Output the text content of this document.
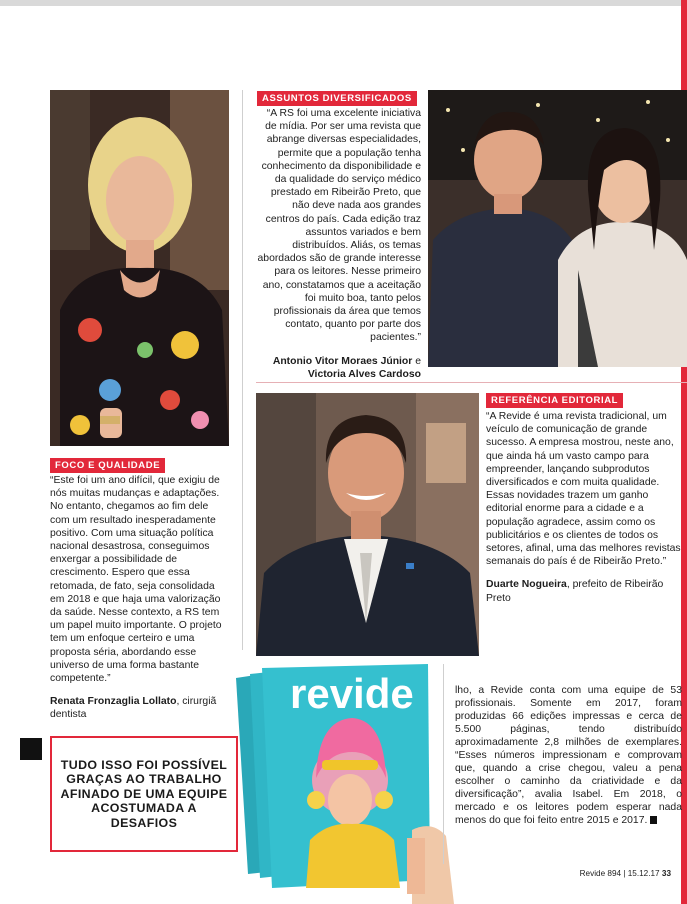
revide
FOCO E QUALIDADE
ASSUNTOS DIVERSIFICADOS
REFERÊNCIA EDITORIAL
“Este foi um ano difícil, que exigiu de nós muitas mudanças e adaptações. No entanto, chegamos ao fim dele com um resultado inesperadamente positivo. Com uma situação política nacional desastrosa, conseguimos enxergar a possibilidade de crescimento. Espero que essa retomada, de fato, seja consolidada em 2018 e que haja uma valorização da saúde. Nesse contexto, a RS tem um papel muito importante. O projeto tem um enfoque certeiro e uma proposta séria, abordando esse universo de uma forma bastante competente.”
Renata Fronzaglia Lollato, cirurgiã dentista
“A RS foi uma excelente iniciativa de mídia. Por ser uma revista que abrange diversas especialidades, permite que a população tenha conhecimento da disponibilidade e da qualidade do serviço médico prestado em Ribeirão Preto, que não deve nada aos grandes centros do país. Cada edição traz assuntos variados e bem distribuídos. Aliás, os temas abordados são de grande interesse para os leitores. Nesse primeiro ano, constatamos que a aceitação foi muito boa, tanto pelos profissionais da área que temos contato, quanto por parte dos pacientes.”
Antonio Vitor Moraes Júnior e Victoria Alves Cardoso
“A Revide é uma revista tradicional, um veículo de comunicação de grande sucesso. A empresa mostrou, neste ano, que ainda há um vasto campo para empreender, lançando subprodutos diversificados e com muita qualidade. Essas novidades trazem um ganho editorial enorme para a cidade e a população agradece, assim como os publicitários e os clientes de todos os setores, afinal, uma das melhores revistas semanais do país é de Ribeirão Preto.”
Duarte Nogueira, prefeito de Ribeirão Preto

TUDO ISSO FOI POSSÍVEL GRAÇAS AO TRABALHO AFINADO DE UMA EQUIPE ACOSTUMADA A DESAFIOS

lho, a Revide conta com uma equipe de 53 profissionais. Somente em 2017, foram produzidas 66 edições impressas e cerca de 5.500 páginas, tendo distribuído aproximadamente 2,8 milhões de exemplares. “Esses números impressionam e comprovam que, quando a crise chegou, valeu a pena escolher o caminho da criatividade e da diversificação”, avalia Isabel. Em 2018, o mercado e os leitores podem esperar nada menos do que foi feito entre 2015 e 2017.
Revide 894 | 15.12.17 33
